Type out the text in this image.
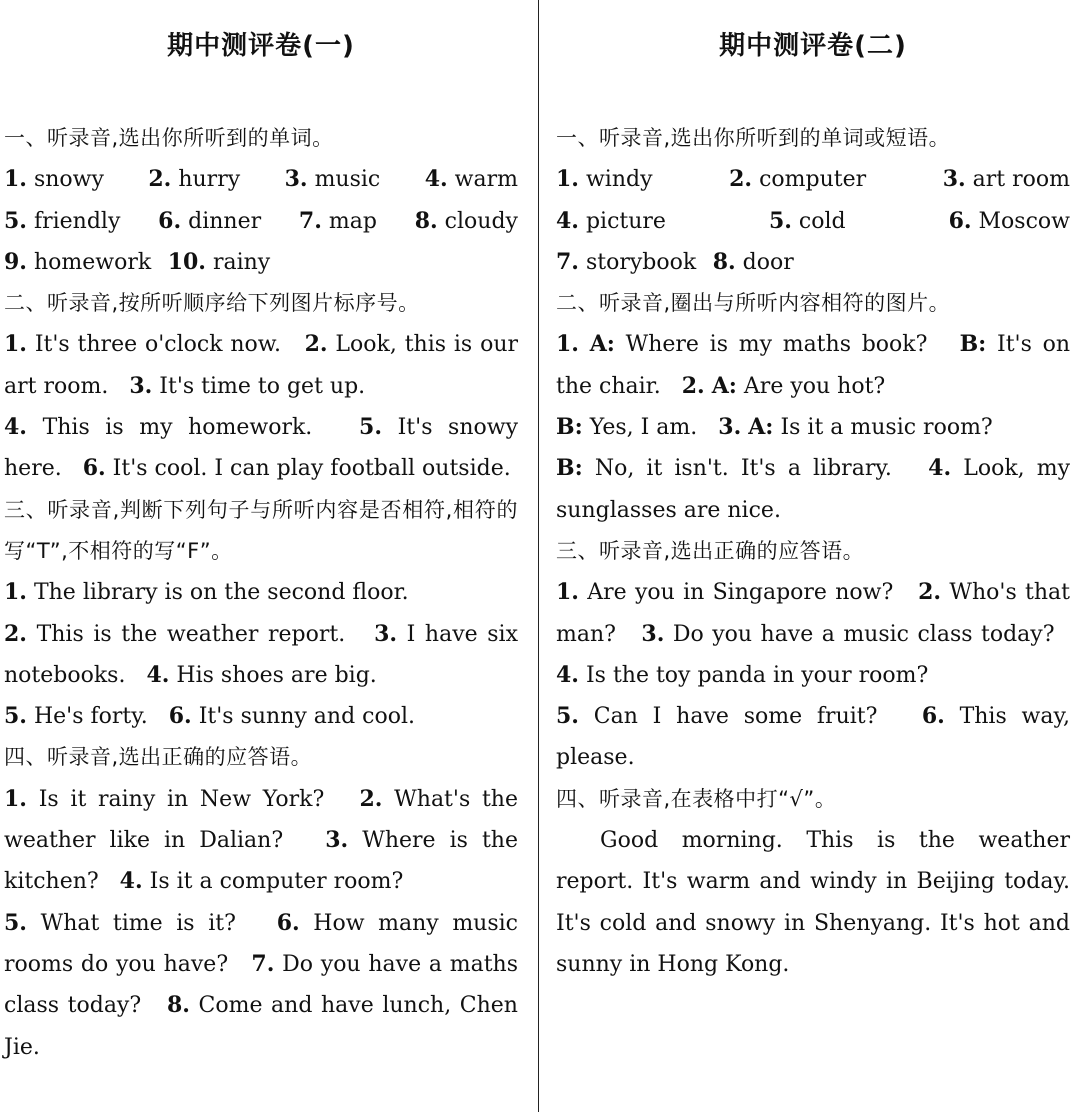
期中测评卷(一)
一、听录音,选出你所听到的单词。
1. snowy 2. hurry 3. music 4. warm
5. friendly 6. dinner 7. map 8. cloudy
9. homework 10. rainy
二、听录音,按所听顺序给下列图片标序号。

1. It's three o'clock now. 2. Look, this is our art room. 3. It's time to get up.
4. This is my homework. 5. It's snowy here. 6. It's cool. I can play football outside.

三、听录音,判断下列句子与所听内容是否相符,相符的写“T”,不相符的写“F”。

1. The library is on the second floor.
2. This is the weather report. 3. I have six notebooks. 4. His shoes are big.
5. He's forty. 6. It's sunny and cool.

四、听录音,选出正确的应答语。

1. Is it rainy in New York? 2. What's the weather like in Dalian? 3. Where is the kitchen? 4. Is it a computer room?
5. What time is it? 6. How many music rooms do you have? 7. Do you have a maths class today? 8. Come and have lunch, Chen Jie.

期中测评卷(二)
一、听录音,选出你所听到的单词或短语。
1. windy	2. computer	3. art room
4. picture	5. cold	6. Moscow
7. storybook 8. door
二、听录音,圈出与所听内容相符的图片。

1. A: Where is my maths book? B: It's on the chair. 2. A: Are you hot?
B: Yes, I am. 3. A: Is it a music room?
B: No, it isn't. It's a library. 4. Look, my sunglasses are nice.

三、听录音,选出正确的应答语。

1. Are you in Singapore now? 2. Who's that man? 3. Do you have a music class today?   4. Is the toy panda in your room?
5. Can I have some fruit? 6. This way, please.

四、听录音,在表格中打“√”。

Good morning. This is the weather report. It's warm and windy in Beijing today. It's cold and snowy in Shenyang. It's hot and sunny in Hong Kong.
